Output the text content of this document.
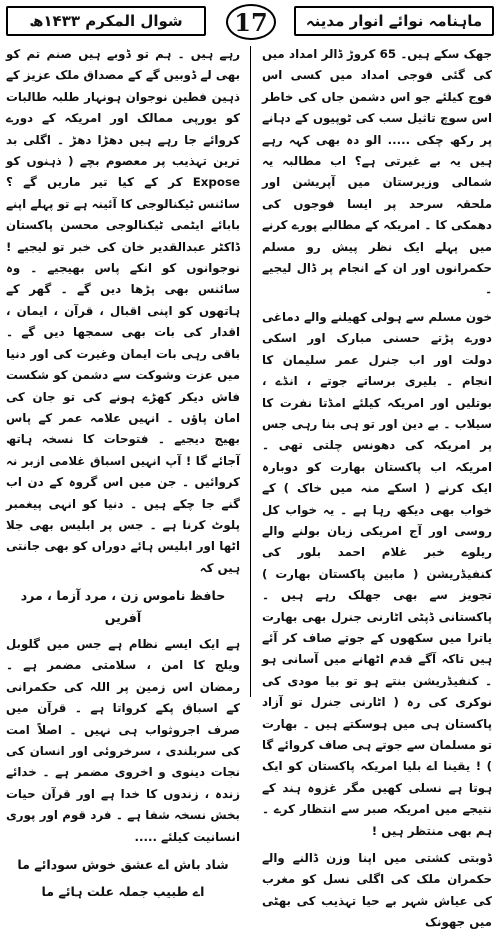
ماہنامہ نوائے انوار مدینہ
17
شوال المکرم ۱۴۳۳ھ

جھک سکے ہیں۔ 65 کروڑ ڈالر امداد میں کی گئی فوجی امداد میں کسی اس فوج کیلئے جو اس دشمن جاں کی خاطر اس سوچ تاثیل سب کی ٹوپیوں کے دہانے پر رکھ چکی ..... الو دہ بھی کہہ رہے ہیں یہ بے غیرتی ہے؟ اب مطالبہ یہ شمالی وزیرستان میں آپریشن اور ملحقہ سرحد پر ایسا فوجوں کی دھمکی کا ۔ امریکہ کے مطالبے پورے کرنے میں پہلے ایک نظر پیش رو مسلم حکمرانوں اور ان کے انجام پر ڈال لیجیے ۔

خون مسلم سے ہولی کھیلنے والے دماغی دورے پڑتے حسنی مبارک اور اسکی دولت اور اب جنرل عمر سلیمان کا انجام ۔ بلیری برساتے جوتے ، انڈے ، بوتلیں اور امریکہ کیلئے امڈتا نفرت کا سیلاب ۔ بے دین اور تو ہی بنا رہی جس پر امریکہ کی دھونس چلتی تھی ۔ امریکہ اب پاکستان بھارت کو دوبارہ ایک کرنے ( اسکے منہ میں خاک ) کے خواب بھی دیکھ رہا ہے ۔ یہ خواب کل روسی اور آج امریکی زبان بولنے والے ریلوے خبر غلام احمد بلور کی کنفیڈریشن ( مابین پاکستان بھارت ) تجویز سے بھی جھلک رہے ہیں ۔ پاکستانی ڈپٹی اٹارنی جنرل بھی بھارت یاترا میں سکھوں کے جوتے صاف کر آئے ہیں تاکہ آگے قدم اٹھانے میں آسانی ہو ۔ کنفیڈریشن بنتے ہو تو بیا مودی کی نوکری کی رہ ( اٹارنی جنرل تو آزاد پاکستان ہی میں ہوسکتے ہیں ۔ بھارت تو مسلمان سے جوتے ہی صاف کروائے گا ) ! یقینا اے بلیا امریکہ پاکستان کو ایک ہوتا ہے نسلی کھیں مگر غزوہ ہند کے نتیجے میں امریکہ صبر سے انتظار کرے ۔ ہم بھی منتظر ہیں !

ڈوبتی کشتی میں اپنا وزن ڈالنے والے حکمران ملک کی اگلی نسل کو مغرب کی عیاش شہر بے حیا تہذیب کی بھٹی میں جھونک

رہے ہیں ۔ ہم تو ڈوبے ہیں صنم تم کو بھی لے ڈوبیں گے کے مصداق ملک عزیز کے ذہین فطین نوجوان ہونہار طلبہ طالبات کو یورپی ممالک اور امریکہ کے دورے کروائے جا رہے ہیں دھڑا دھڑ ۔ اگلی بد ترین تہذیب پر معصوم بچے ( ذہنوں کو Expose کر کے کیا تیر ماریں گے ؟ سائنس ٹیکنالوجی کا آئینہ ہے تو پہلے اپنے بابائے ایٹمی ٹیکنالوجی محسن پاکستان ڈاکٹر عبدالقدیر خان کی خبر تو لیجیے ! نوجوانوں کو انکے پاس بھیجیے ۔ وہ سائنس بھی پڑھا دیں گے ۔ گھر کے ہاتھوں کو اپنی اقبال ، قرآن ، ایمان ، اقدار کی بات بھی سمجھا دیں گے ۔ باقی رہی بات ایمان وغیرت کی اور دنیا میں عزت وشوکت سے دشمن کو شکست فاش دیکر کھڑے ہونے کی تو جان کی امان پاؤں ۔ انہیں علامہ عمر کے پاس بھیج دیجیے ۔ فتوحات کا نسخہ ہاتھ آجائے گا ! آپ انہیں اسباق غلامی ازبر نہ کروائیں ۔ جن میں اس گروہ کے دن اب گنے جا چکے ہیں ۔ دنیا کو انہی پیغمبر پلوٹ کرنا ہے ۔ جس پر ابلیس بھی جلا اٹھا اور ابلیس ہائے دوراں کو بھی جانتی ہیں کہ

حافظ ناموس زن ، مرد آزما ، مرد آفریں

ہے ایک ایسے نظام ہے جس میں گلوبل ویلج کا امن ، سلامتی مضمر ہے ۔ رمضان اس زمین پر اللہ کی حکمرانی کے اسباق پکے کرواتا ہے ۔ قرآن میں صرف اجروثواب ہی نہیں ۔ اصلاً امت کی سربلندی ، سرخروئی اور انسان کی نجات دینوی و اخروی مضمر ہے ۔ خدائے زندہ ، زندوں کا خدا ہے اور قرآن حیات بخش نسخہ شفا ہے ۔ فرد قوم اور پوری انسانیت کیلئے .....

شاد باش اے عشق خوش سودائے ما

اے طبیب جملہ علت ہائے ما
